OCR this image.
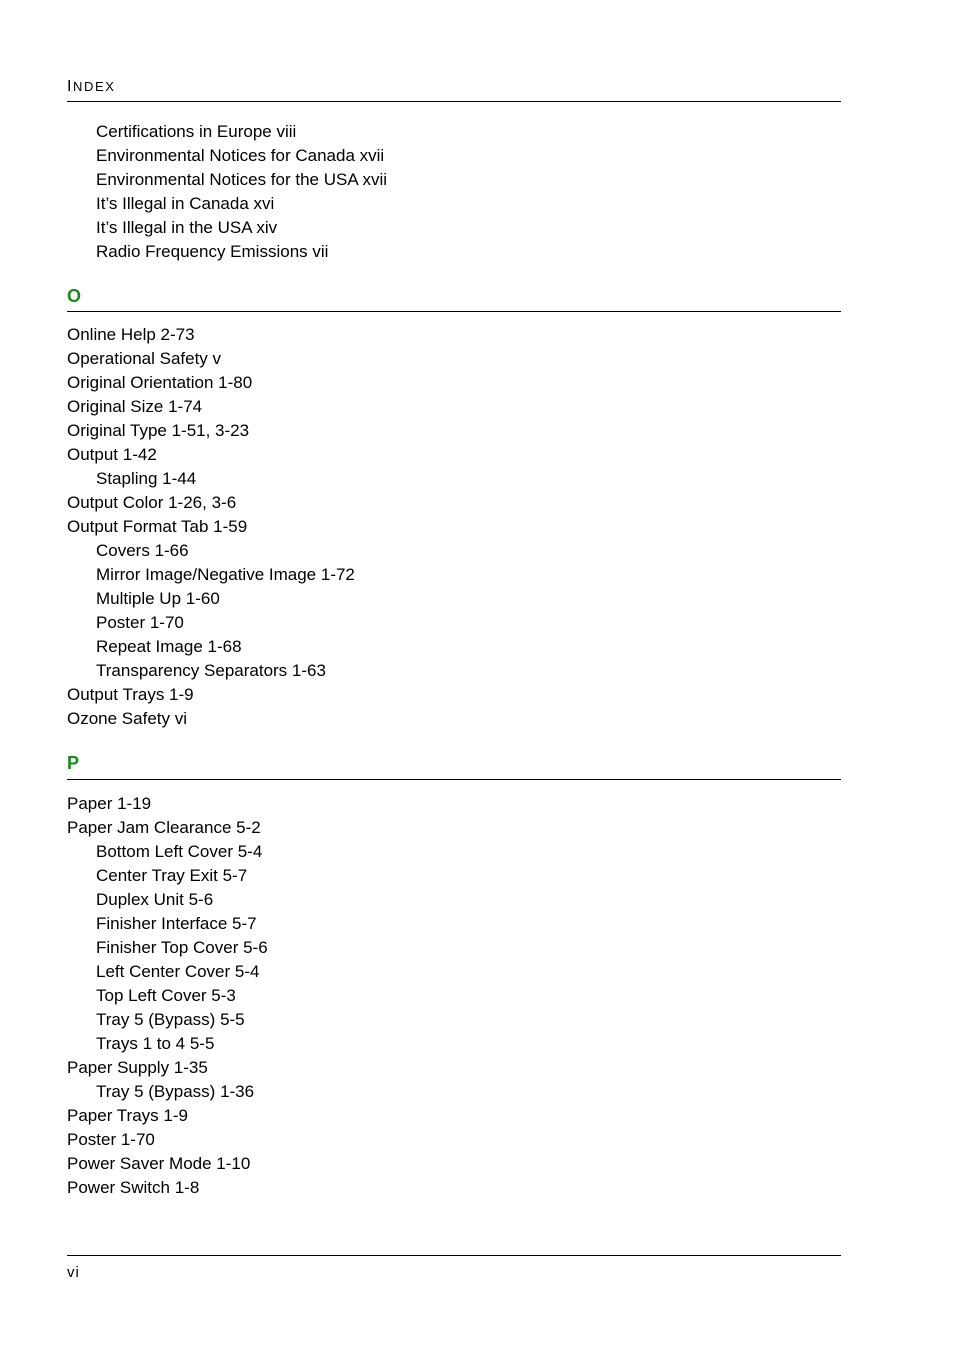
INDEX
Certifications in Europe viii
Environmental Notices for Canada xvii
Environmental Notices for the USA xvii
It’s Illegal in Canada xvi
It’s Illegal in the USA xiv
Radio Frequency Emissions vii
O
Online Help 2-73
Operational Safety v
Original Orientation 1-80
Original Size 1-74
Original Type 1-51, 3-23
Output 1-42
Stapling 1-44
Output Color 1-26, 3-6
Output Format Tab 1-59
Covers 1-66
Mirror Image/Negative Image 1-72
Multiple Up 1-60
Poster 1-70
Repeat Image 1-68
Transparency Separators 1-63
Output Trays 1-9
Ozone Safety vi
P
Paper 1-19
Paper Jam Clearance 5-2
Bottom Left Cover 5-4
Center Tray Exit 5-7
Duplex Unit 5-6
Finisher Interface 5-7
Finisher Top Cover 5-6
Left Center Cover 5-4
Top Left Cover 5-3
Tray 5 (Bypass) 5-5
Trays 1 to 4 5-5
Paper Supply 1-35
Tray 5 (Bypass) 1-36
Paper Trays 1-9
Poster 1-70
Power Saver Mode 1-10
Power Switch 1-8
vi
